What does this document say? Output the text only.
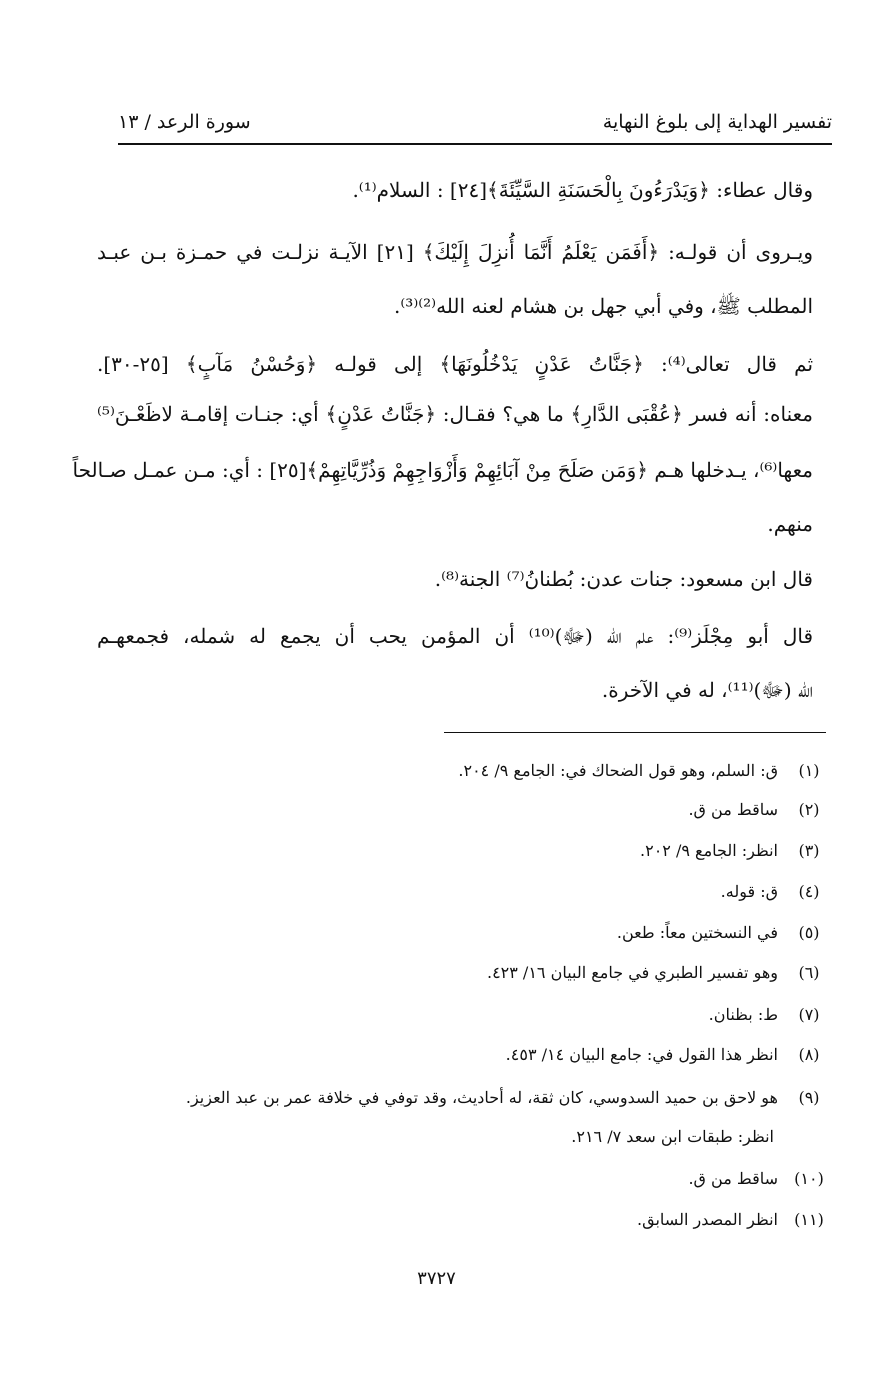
سورة الرعد / ١٣	تفسير الهداية إلى بلوغ النهاية
وقال عطاء: ﴿وَيَدْرَءُونَ بِالْحَسَنَةِ السَّيِّئَةَ﴾[٢٤] : السلام⁽¹⁾.
ويـروى أن قولـه: ﴿أَفَمَن يَعْلَمُ أَنَّمَا أُنزِلَ إِلَيْكَ﴾ [٢١] الآيـة نزلـت في حمـزة بـن عبـد
المطلب ﷺ، وفي أبي جهل بن هشام لعنه الله⁽²⁾⁽³⁾.
ثم قال تعالى⁽⁴⁾: ﴿جَنَّاتُ عَدْنٍ يَدْخُلُونَهَا﴾ إلى قولـه ﴿وَحُسْنُ مَآبٍ﴾ [٢٥-٣٠].
معناه: أنه فسر ﴿عُقْبَى الدَّارِ﴾ ما هي؟ فقـال: ﴿جَنَّاتُ عَدْنٍ﴾ أي: جنـات إقامـة لاظَعْـنَ⁽⁵⁾
معها⁽⁶⁾، يـدخلها هـم ﴿وَمَن صَلَحَ مِنْ آبَائِهِمْ وَأَزْوَاجِهِمْ وَذُرِّيَّاتِهِمْ﴾[٢٥] : أي: مـن عمـل صـالحاً
منهم.
قال ابن مسعود: جنات عدن: بُطنانُ⁽⁷⁾ الجنة⁽⁸⁾.
قال أبو مِجْلَز⁽⁹⁾: علم الله (ﷻ)⁽¹⁰⁾ أن المؤمن يحب أن يجمع له شمله، فجمعهـم
الله (ﷻ)⁽¹¹⁾، له في الآخرة.
(١)
ق: السلم، وهو قول الضحاك في: الجامع ٩/ ٢٠٤.
(٢)
ساقط من ق.
(٣)
انظر: الجامع ٩/ ٢٠٢.
(٤)
ق: قوله.
(٥)
في النسختين معاً: طعن.
(٦)
وهو تفسير الطبري في جامع البيان ١٦/ ٤٢٣.
(٧)
ط: بظنان.
(٨)
انظر هذا القول في: جامع البيان ١٤/ ٤٥٣.
(٩)
هو لاحق بن حميد السدوسي، كان ثقة، له أحاديث، وقد توفي في خلافة عمر بن عبد العزيز.
انظر: طبقات ابن سعد ٧/ ٢١٦.
(١٠)
ساقط من ق.
(١١)
انظر المصدر السابق.
٣٧٢٧
